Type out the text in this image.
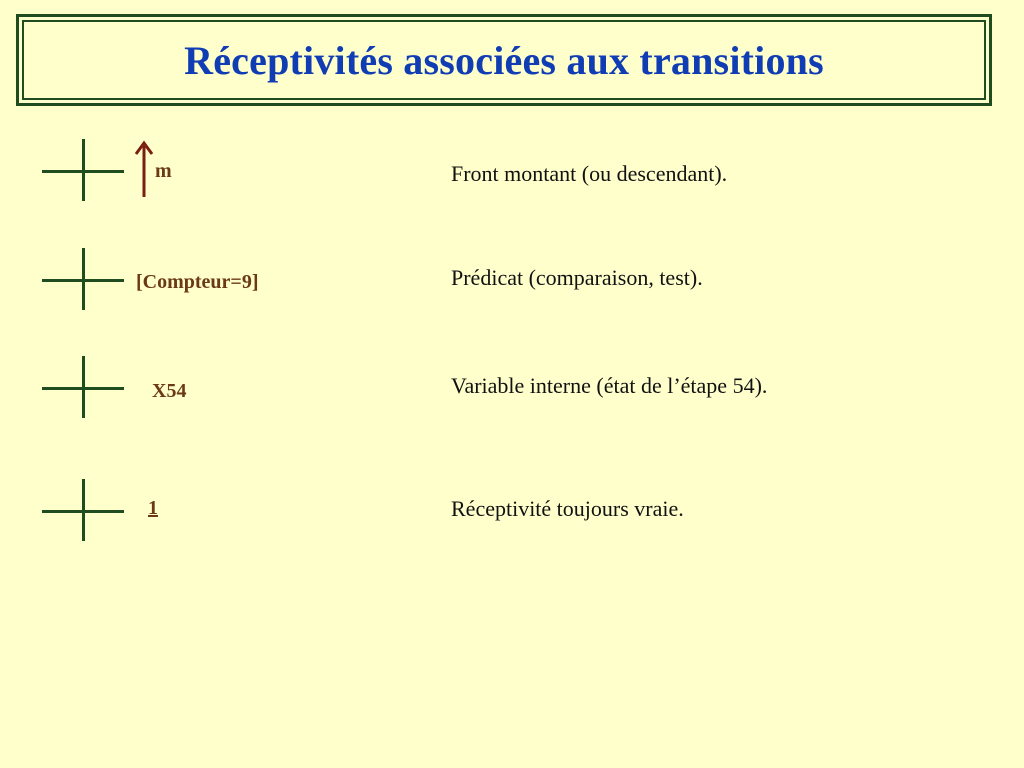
Réceptivités associées aux transitions
m	Front montant (ou descendant).
[Compteur=9]	Prédicat (comparaison, test).
X54	Variable interne (état de l’étape 54).
1	Réceptivité toujours vraie.
